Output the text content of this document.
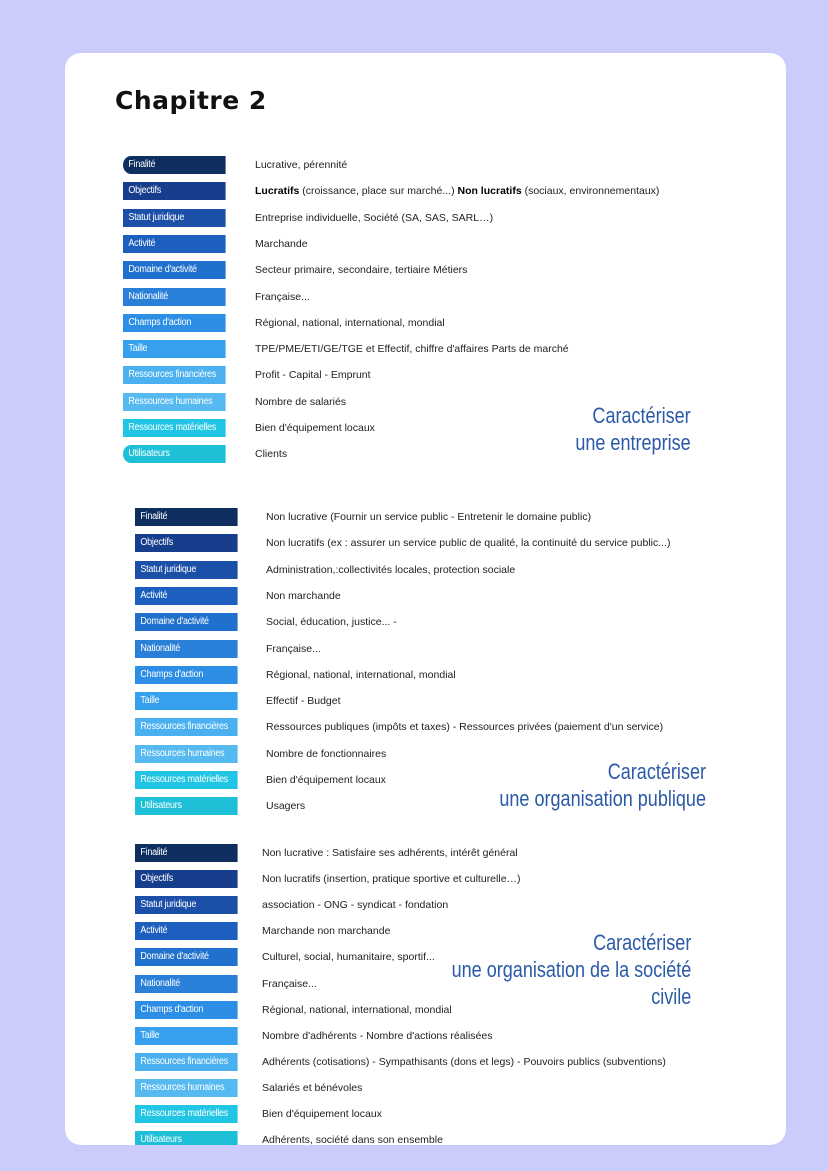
Chapitre 2
Finalité	Lucrative, pérennité
Objectifs	Lucratifs (croissance, place sur marché...) Non lucratifs (sociaux, environnementaux)
Statut juridique	Entreprise individuelle, Société (SA, SAS, SARL…)
Activité	Marchande
Domaine d'activité	Secteur primaire, secondaire, tertiaire Métiers
Nationalité	Française...
Champs d'action	Régional, national, international, mondial
Taille	TPE/PME/ETI/GE/TGE et Effectif, chiffre d'affaires Parts de marché
Ressources financières	Profit - Capital - Emprunt
Ressources humaines	Nombre de salariés
Ressources matérielles	Bien d'équipement locaux
Utilisateurs	Clients
Caractériser
une entreprise
Finalité	Non lucrative (Fournir un service public - Entretenir le domaine public)
Objectifs	Non lucratifs (ex : assurer un service public de qualité, la continuité du service public...)
Statut juridique	Administration,:collectivités locales, protection sociale
Activité	Non marchande
Domaine d'activité	Social, éducation, justice... -
Nationalité	Française...
Champs d'action	Régional, national, international, mondial
Taille	Effectif - Budget
Ressources financières	Ressources publiques (impôts et taxes) - Ressources privées (paiement d'un service)
Ressources humaines	Nombre de fonctionnaires
Ressources matérielles	Bien d'équipement locaux
Utilisateurs	Usagers
Caractériser
une organisation publique
Finalité	Non lucrative : Satisfaire ses adhérents, intérêt général
Objectifs	Non lucratifs (insertion, pratique sportive et culturelle…)
Statut juridique	association - ONG - syndicat - fondation
Activité	Marchande non marchande
Domaine d'activité	Culturel, social, humanitaire, sportif...
Nationalité	Française...
Champs d'action	Régional, national, international, mondial
Taille	Nombre d'adhérents - Nombre d'actions réalisées
Ressources financières	Adhérents (cotisations) - Sympathisants (dons et legs) - Pouvoirs publics (subventions)
Ressources humaines	Salariés et bénévoles
Ressources matérielles	Bien d'équipement locaux
Utilisateurs	Adhérents, société dans son ensemble
Caractériser
une organisation de la société
civile
